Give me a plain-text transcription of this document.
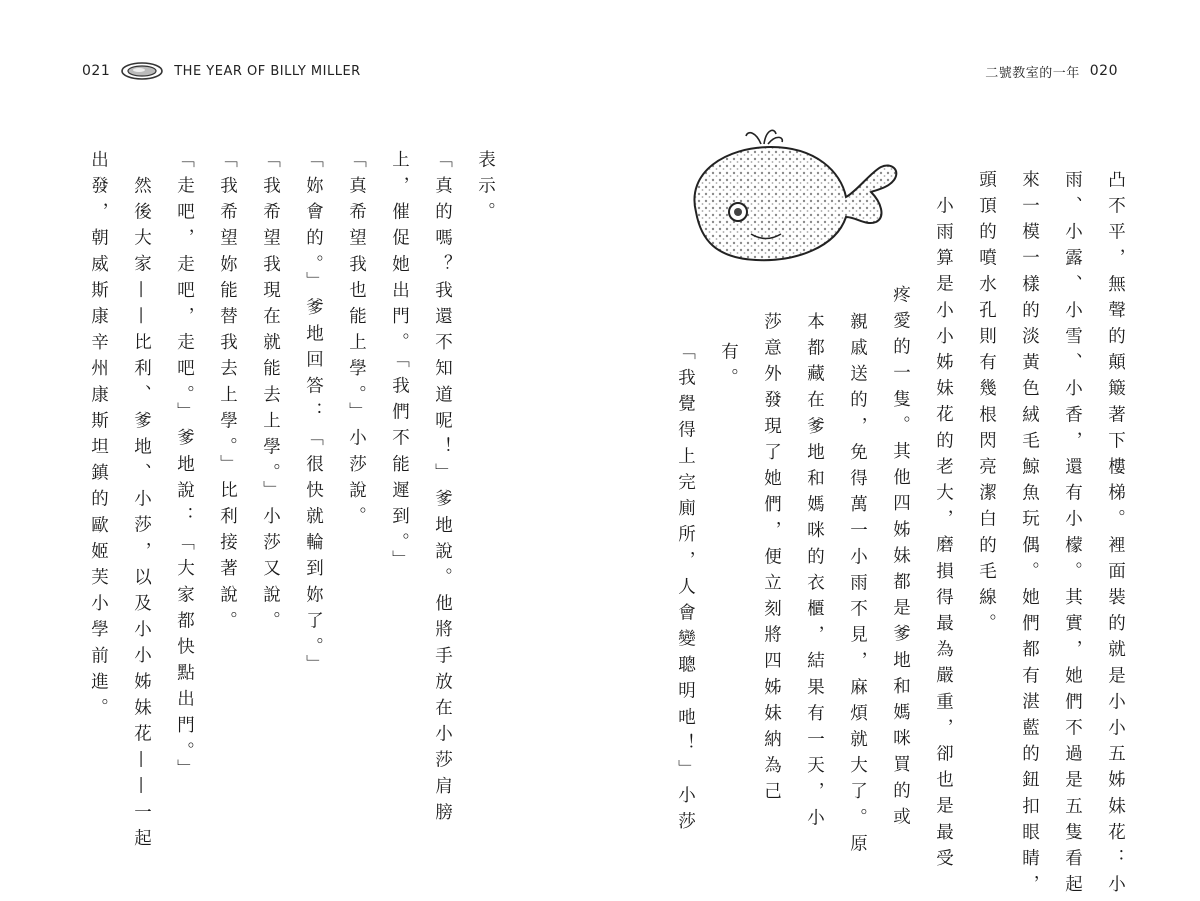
021	THE YEAR OF BILLY MILLER	二號教室的一年 020
凸不平，無聲的顛簸著下樓梯。裡面裝的就是小小五姊妹花：小
雨、小露、小雪、小香，還有小檬。其實，她們不過是五隻看起
來一模一樣的淡黃色絨毛鯨魚玩偶。她們都有湛藍的鈕扣眼睛，
頭頂的噴水孔則有幾根閃亮潔白的毛線。
小雨算是小小姊妹花的老大，磨損得最為嚴重，卻也是最受
疼愛的一隻。其他四姊妹都是爹地和媽咪買的或
親戚送的，免得萬一小雨不見，麻煩就大了。原
本都藏在爹地和媽咪的衣櫃，結果有一天，小
莎意外發現了她們，便立刻將四姊妹納為己
有。
「我覺得上完廁所，人會變聰明吔！」小莎
表示。
「真的嗎？我還不知道呢！」爹地說。他將手放在小莎肩膀
上，催促她出門。「我們不能遲到。」
「真希望我也能上學。」小莎說。
「妳會的。」爹地回答：「很快就輪到妳了。」
「我希望我現在就能去上學。」小莎又說。
「我希望妳能替我去上學。」比利接著說。
「走吧，走吧，走吧。」爹地說：「大家都快點出門。」
然後大家——比利、爹地、小莎，以及小小姊妹花——一起
出發，朝威斯康辛州康斯坦鎮的歐姬芙小學前進。
